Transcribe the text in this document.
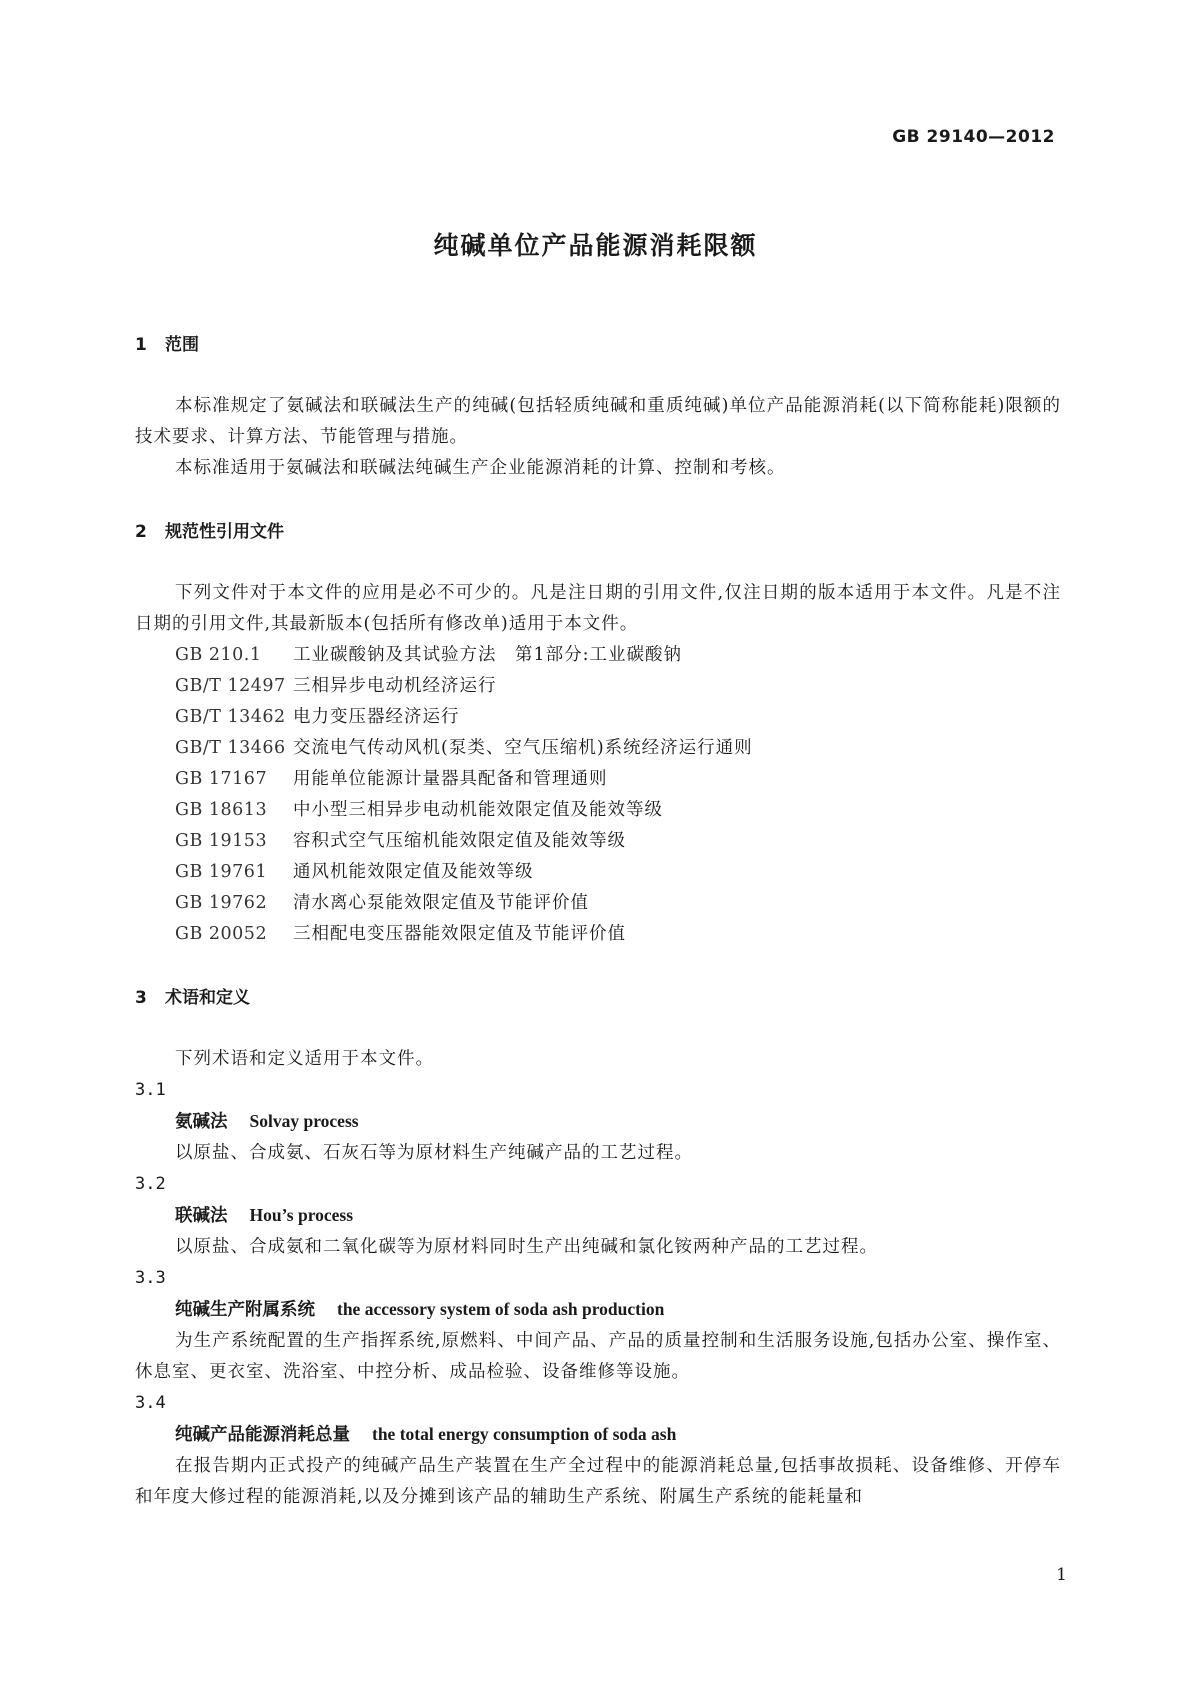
GB 29140—2012
纯碱单位产品能源消耗限额

1 范围

本标准规定了氨碱法和联碱法生产的纯碱(包括轻质纯碱和重质纯碱)单位产品能源消耗(以下简称能耗)限额的技术要求、计算方法、节能管理与措施。

本标准适用于氨碱法和联碱法纯碱生产企业能源消耗的计算、控制和考核。

2 规范性引用文件

下列文件对于本文件的应用是必不可少的。凡是注日期的引用文件,仅注日期的版本适用于本文件。凡是不注日期的引用文件,其最新版本(包括所有修改单)适用于本文件。

GB 210.1 工业碳酸钠及其试验方法　第1部分:工业碳酸钠

GB/T 12497 三相异步电动机经济运行

GB/T 13462 电力变压器经济运行

GB/T 13466 交流电气传动风机(泵类、空气压缩机)系统经济运行通则

GB 17167 用能单位能源计量器具配备和管理通则

GB 18613 中小型三相异步电动机能效限定值及能效等级

GB 19153 容积式空气压缩机能效限定值及能效等级

GB 19761 通风机能效限定值及能效等级

GB 19762 清水离心泵能效限定值及节能评价值

GB 20052 三相配电变压器能效限定值及节能评价值

3 术语和定义

下列术语和定义适用于本文件。

3.1

氨碱法 Solvay process

以原盐、合成氨、石灰石等为原材料生产纯碱产品的工艺过程。

3.2

联碱法 Hou’s process

以原盐、合成氨和二氧化碳等为原材料同时生产出纯碱和氯化铵两种产品的工艺过程。

3.3

纯碱生产附属系统 the accessory system of soda ash production

为生产系统配置的生产指挥系统,原燃料、中间产品、产品的质量控制和生活服务设施,包括办公室、操作室、休息室、更衣室、洗浴室、中控分析、成品检验、设备维修等设施。

3.4

纯碱产品能源消耗总量 the total energy consumption of soda ash

在报告期内正式投产的纯碱产品生产装置在生产全过程中的能源消耗总量,包括事故损耗、设备维修、开停车和年度大修过程的能源消耗,以及分摊到该产品的辅助生产系统、附属生产系统的能耗量和

1
